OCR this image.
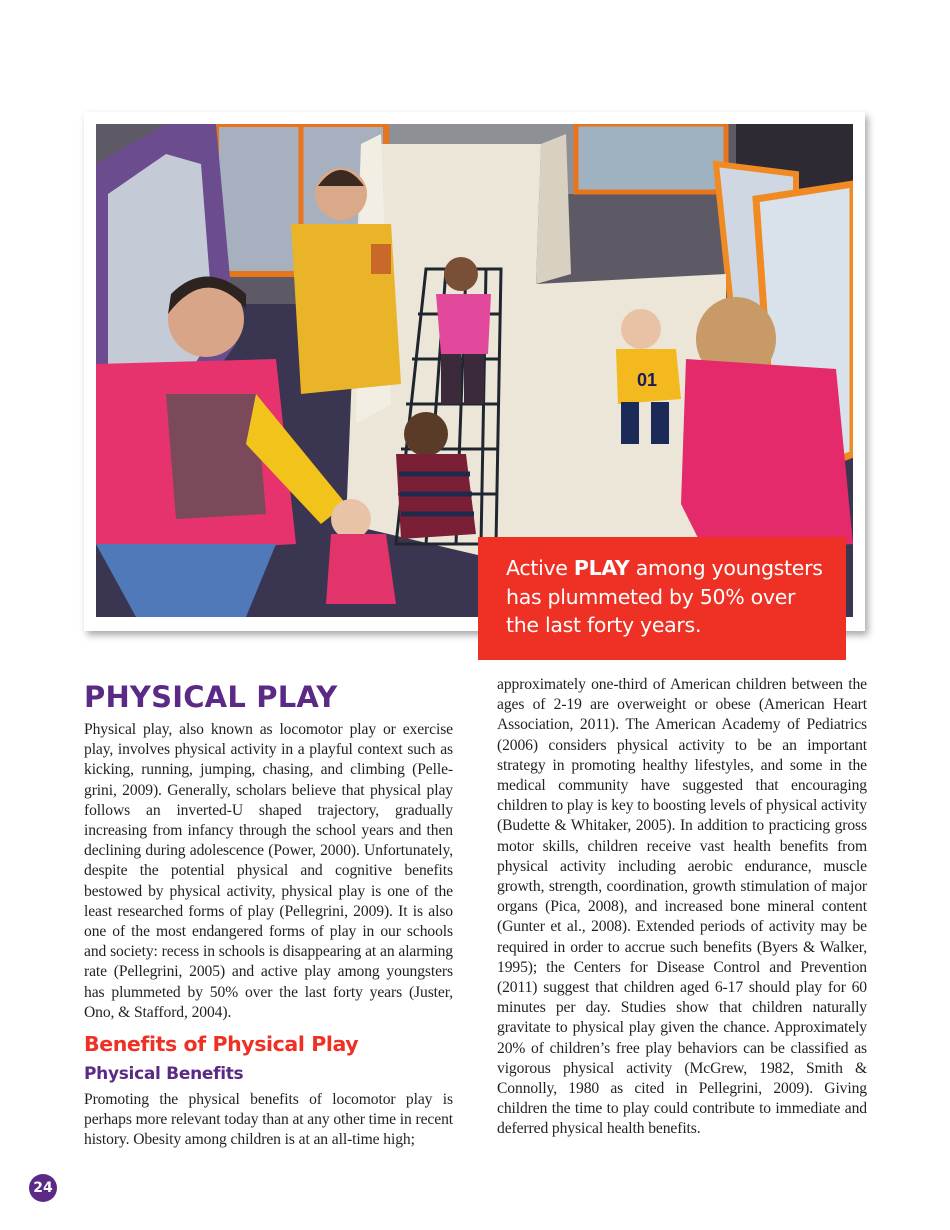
01
Active PLAY among youngsters has plummeted by 50% over the last forty years.
PHYSICAL PLAY

Physical play, also known as locomotor play or exercise play, involves physical activity in a playful context such as kicking, running, jumping, chasing, and climbing (Pelle-grini, 2009). Generally, scholars believe that physical play follows an inverted-U shaped trajectory, gradually increasing from infancy through the school years and then declining during adolescence (Power, 2000). Unfortunately, despite the potential physical and cognitive benefits bestowed by physical activity, physical play is one of the least researched forms of play (Pellegrini, 2009). It is also one of the most endangered forms of play in our schools and society: recess in schools is disappearing at an alarming rate (Pellegrini, 2005) and active play among youngsters has plummeted by 50% over the last forty years (Juster, Ono, & Stafford, 2004).

Benefits of Physical Play
Physical Benefits

Promoting the physical benefits of locomotor play is perhaps more relevant today than at any other time in recent history. Obesity among children is at an all-time high;

approximately one-third of American children between the ages of 2-19 are overweight or obese (American Heart Association, 2011). The American Academy of Pediatrics (2006) considers physical activity to be an important strategy in promoting healthy lifestyles, and some in the medical community have suggested that encouraging children to play is key to boosting levels of physical activity (Budette & Whitaker, 2005). In addition to practicing gross motor skills, children receive vast health benefits from physical activity including aerobic endurance, muscle growth, strength, coordination, growth stimulation of major organs (Pica, 2008), and increased bone mineral content (Gunter et al., 2008). Extended periods of activity may be required in order to accrue such benefits (Byers & Walker, 1995); the Centers for Disease Control and Prevention (2011) suggest that children aged 6-17 should play for 60 minutes per day. Studies show that children naturally gravitate to physical play given the chance. Approximately 20% of children’s free play behaviors can be classified as vigorous physical activity (McGrew, 1982, Smith & Connolly, 1980 as cited in Pellegrini, 2009). Giving children the time to play could contribute to immediate and deferred physical health benefits.

24
